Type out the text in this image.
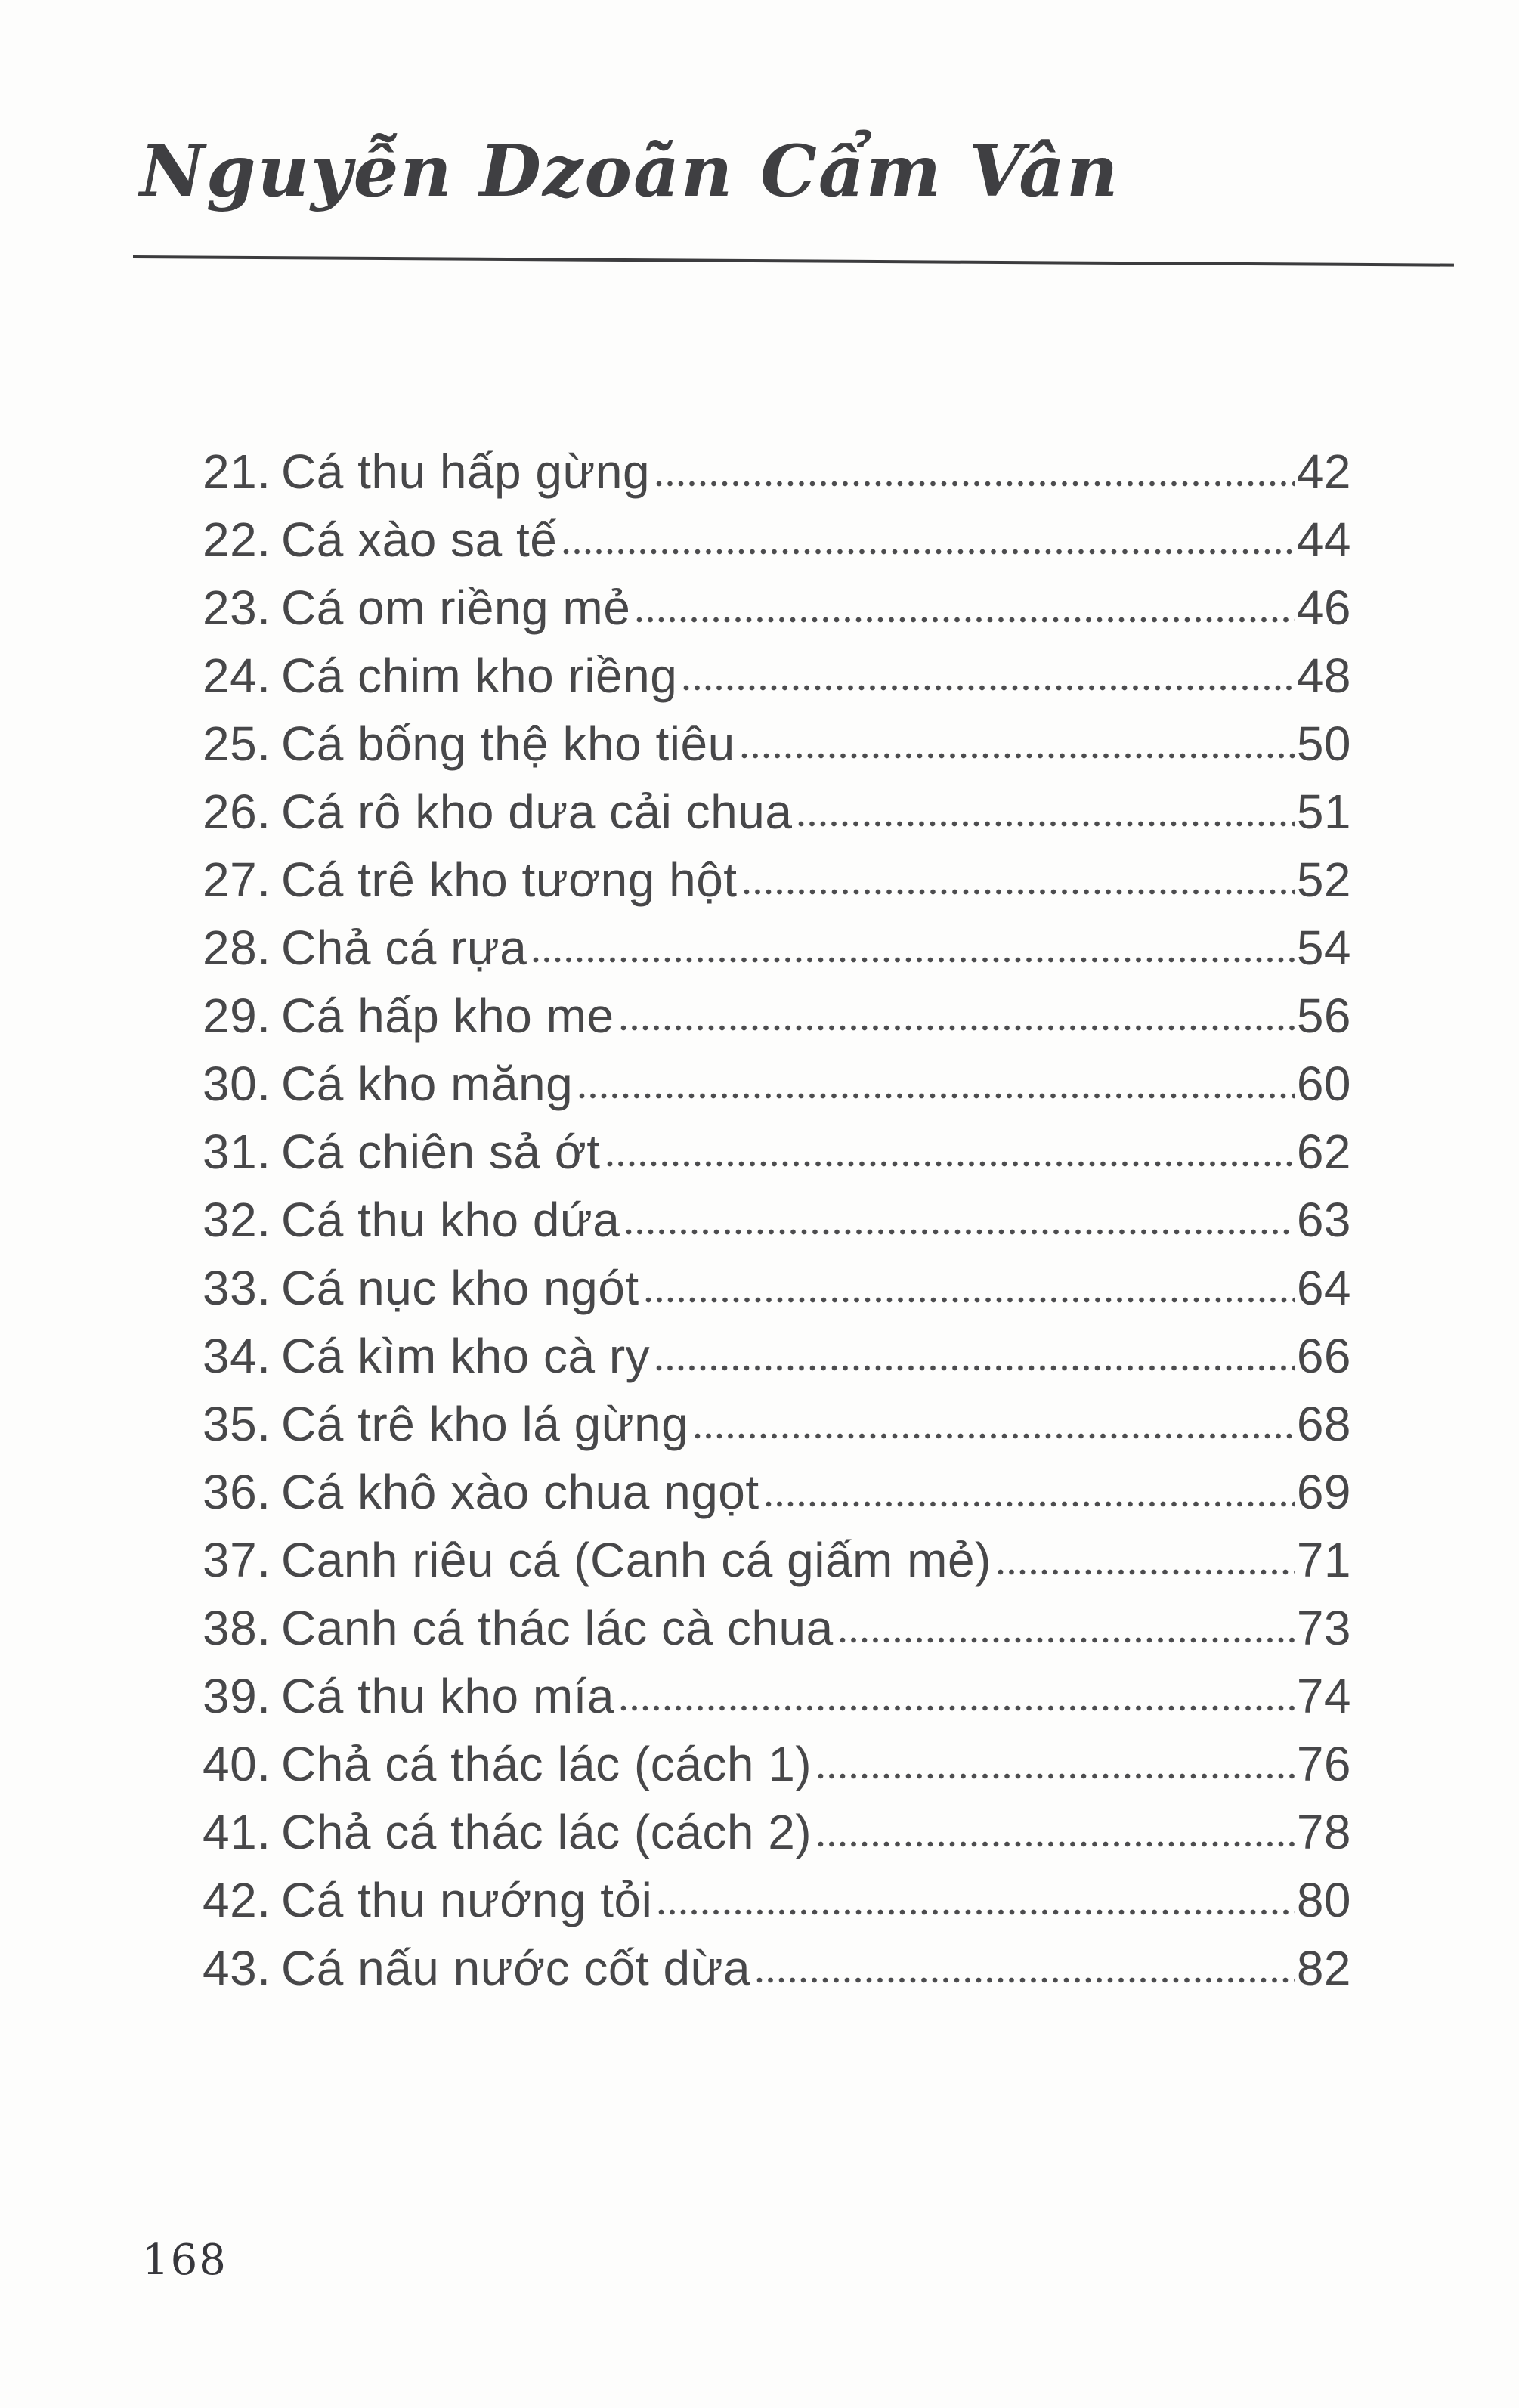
Nguyễn Dzoãn Cẩm Vân
21. Cá thu hấp gừng	42
22. Cá xào sa tế	44
23. Cá om riềng mẻ	46
24. Cá chim kho riềng	48
25. Cá bống thệ kho tiêu	50
26. Cá rô kho dưa cải chua	51
27. Cá trê kho tương hột	52
28. Chả cá rựa	54
29. Cá hấp kho me	56
30. Cá kho măng	60
31. Cá chiên sả ớt	62
32. Cá thu kho dứa	63
33. Cá nục kho ngót	64
34. Cá kìm kho cà ry	66
35. Cá trê kho lá gừng	68
36. Cá khô xào chua ngọt	69
37. Canh riêu cá (Canh cá giấm mẻ)	71
38. Canh cá thác lác cà chua	73
39. Cá thu kho mía	74
40. Chả cá thác lác (cách 1)	76
41. Chả cá thác lác (cách 2)	78
42. Cá thu nướng tỏi	80
43. Cá nấu nước cốt dừa	82
168
